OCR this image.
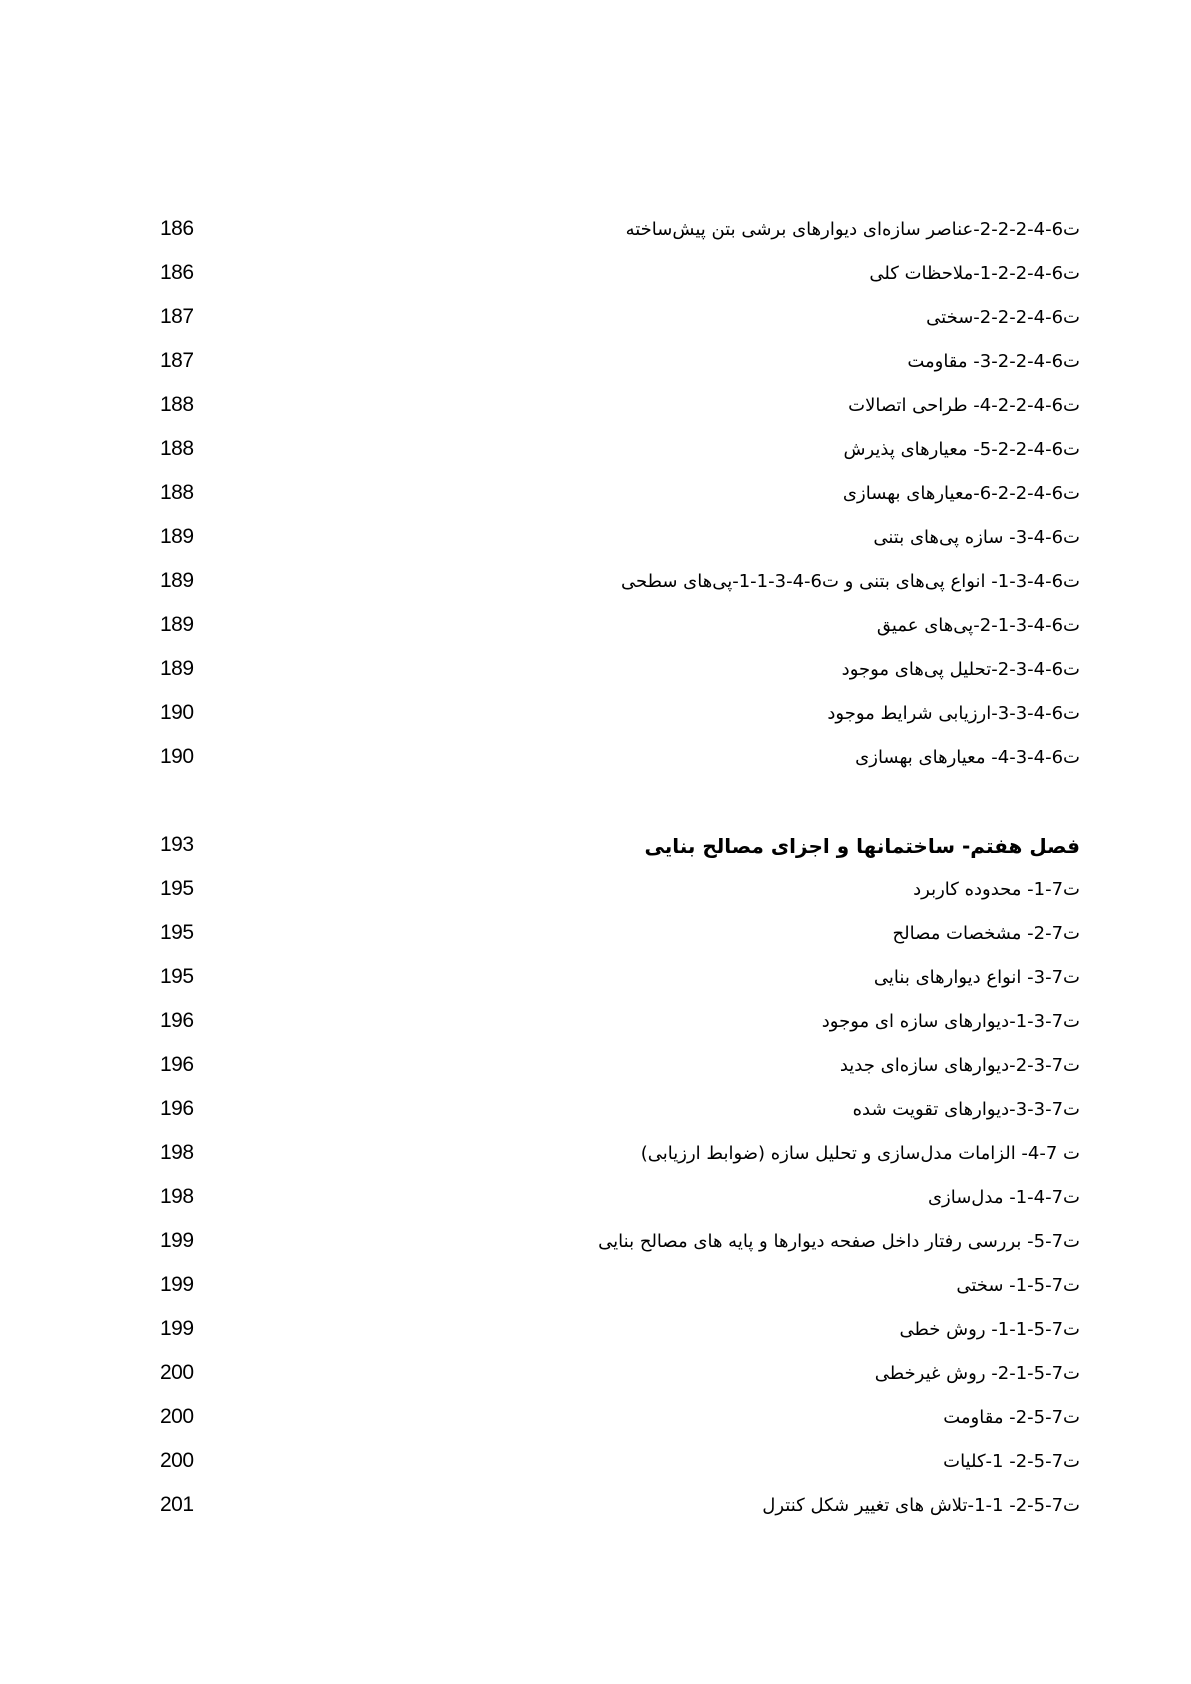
186	ت6-4-2-2-2-عناصر سازه‌ای دیوارهای برشی بتن پیش‌ساخته
186	ت6-4-2-2-1-ملاحظات کلی
187	ت6-4-2-2-2-سختی
187	ت6-4-2-2-3- مقاومت
188	ت6-4-2-2-4- طراحی اتصالات
188	ت6-4-2-2-5- معیارهای پذیرش
188	ت6-4-2-2-6-معیارهای بهسازی
189	ت6-4-3- سازه پی‌های بتنی
189	ت6-4-3-1- انواع پی‌های بتنی و ت6-4-3-1-1-پی‌های سطحی
189	ت6-4-3-1-2-پی‌های عمیق
189	ت6-4-3-2-تحلیل پی‌های موجود
190	ت6-4-3-3-ارزیابی شرایط موجود
190	ت6-4-3-4- معیارهای بهسازی
193	فصل هفتم- ساختمانها و اجزای مصالح بنایی
195	ت7-1- محدوده کاربرد
195	ت7-2- مشخصات مصالح
195	ت7-3- انواع دیوارهای بنایی
196	ت7-3-1-دیوارهای سازه ای موجود
196	ت7-3-2-دیوارهای سازه‌ای جدید
196	ت7-3-3-دیوارهای تقویت شده
198	ت 7-4- الزامات مدل‌سازی و تحلیل سازه (ضوابط ارزیابی)
198	ت7-4-1- مدل‌سازی
199	ت7-5- بررسی رفتار داخل صفحه دیوارها و پایه های مصالح بنایی
199	ت7-5-1- سختی
199	ت7-5-1-1- روش خطی
200	ت7-5-1-2- روش غیرخطی
200	ت7-5-2- مقاومت
200	ت7-5-2- 1-کلیات
201	ت7-5-2- 1-1-تلاش های تغییر شکل کنترل
